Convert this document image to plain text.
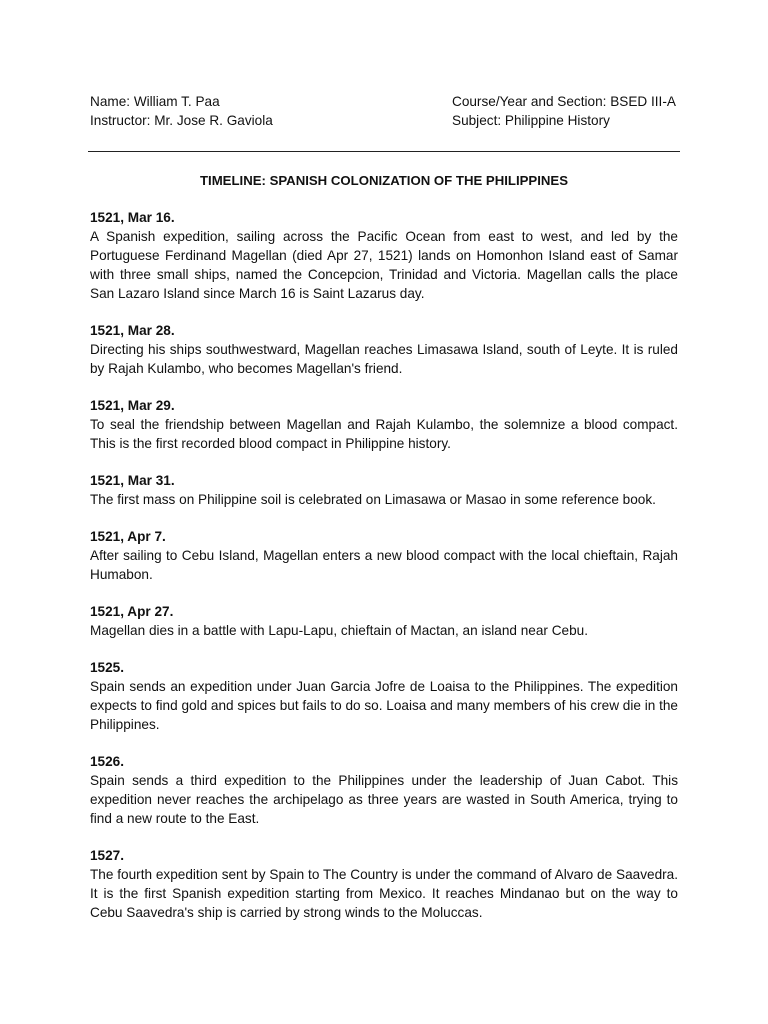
Name: William T. Paa	Course/Year and Section: BSED III-A
Instructor: Mr. Jose R. Gaviola	Subject: Philippine History
TIMELINE: SPANISH COLONIZATION OF THE PHILIPPINES

1521, Mar 16.

A Spanish expedition, sailing across the Pacific Ocean from east to west, and led by the Portuguese Ferdinand Magellan (died Apr 27, 1521) lands on Homonhon Island east of Samar with three small ships, named the Concepcion, Trinidad and Victoria. Magellan calls the place San Lazaro Island since March 16 is Saint Lazarus day.

1521, Mar 28.

Directing his ships southwestward, Magellan reaches Limasawa Island, south of Leyte. It is ruled by Rajah Kulambo, who becomes Magellan's friend.

1521, Mar 29.

To seal the friendship between Magellan and Rajah Kulambo, the solemnize a blood compact. This is the first recorded blood compact in Philippine history.

1521, Mar 31.

The first mass on Philippine soil is celebrated on Limasawa or Masao in some reference book.

1521, Apr 7.

After sailing to Cebu Island, Magellan enters a new blood compact with the local chieftain, Rajah Humabon.

1521, Apr 27.

Magellan dies in a battle with Lapu-Lapu, chieftain of Mactan, an island near Cebu.

1525.

Spain sends an expedition under Juan Garcia Jofre de Loaisa to the Philippines. The expedition expects to find gold and spices but fails to do so. Loaisa and many members of his crew die in the Philippines.

1526.

Spain sends a third expedition to the Philippines under the leadership of Juan Cabot. This expedition never reaches the archipelago as three years are wasted in South America, trying to find a new route to the East.

1527.

The fourth expedition sent by Spain to The Country is under the command of Alvaro de Saavedra. It is the first Spanish expedition starting from Mexico. It reaches Mindanao but on the way to Cebu Saavedra's ship is carried by strong winds to the Moluccas.
